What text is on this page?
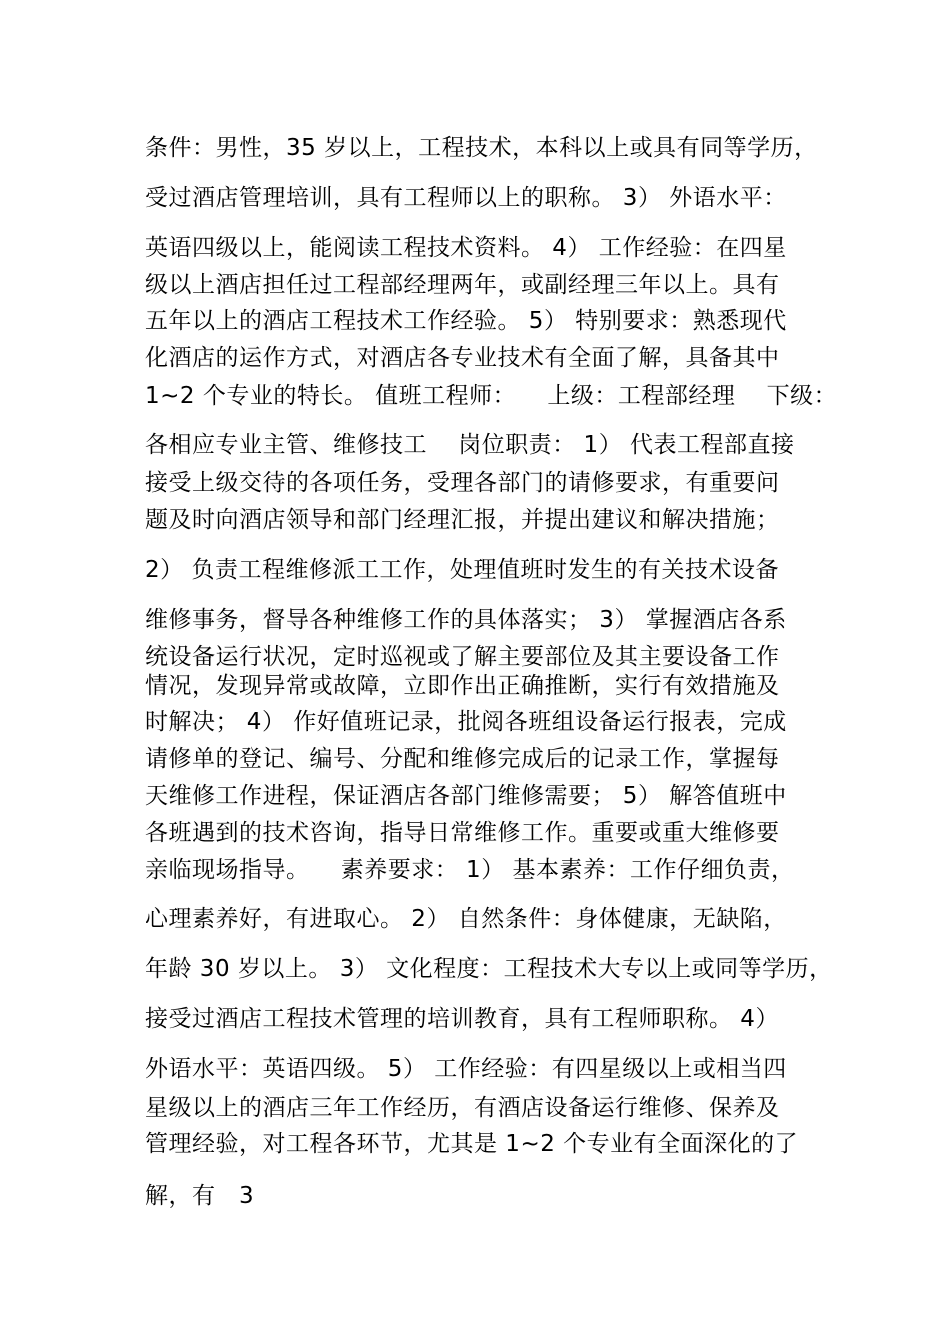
条件：男性，35 岁以上，工程技术，本科以上或具有同等学历，
受过酒店管理培训，具有工程师以上的职称。 3） 外语水平：
英语四级以上，能阅读工程技术资料。 4） 工作经验：在四星
级以上酒店担任过工程部经理两年，或副经理三年以上。具有
五年以上的酒店工程技术工作经验。 5） 特别要求：熟悉现代
化酒店的运作方式，对酒店各专业技术有全面了解，具备其中
1~2 个专业的特长。 值班工程师：    上级：工程部经理    下级：
各相应专业主管、维修技工    岗位职责： 1） 代表工程部直接
接受上级交待的各项任务，受理各部门的请修要求，有重要问
题及时向酒店领导和部门经理汇报，并提出建议和解决措施；
2） 负责工程维修派工工作，处理值班时发生的有关技术设备
维修事务，督导各种维修工作的具体落实； 3） 掌握酒店各系
统设备运行状况，定时巡视或了解主要部位及其主要设备工作
情况，发现异常或故障，立即作出正确推断，实行有效措施及
时解决； 4） 作好值班记录，批阅各班组设备运行报表，完成
请修单的登记、编号、分配和维修完成后的记录工作，掌握每
天维修工作进程，保证酒店各部门维修需要； 5） 解答值班中
各班遇到的技术咨询，指导日常维修工作。重要或重大维修要
亲临现场指导。    素养要求： 1） 基本素养：工作仔细负责，
心理素养好，有进取心。 2） 自然条件：身体健康，无缺陷，
年龄 30 岁以上。 3） 文化程度：工程技术大专以上或同等学历，
接受过酒店工程技术管理的培训教育，具有工程师职称。 4）
外语水平：英语四级。 5） 工作经验：有四星级以上或相当四
星级以上的酒店三年工作经历，有酒店设备运行维修、保养及
管理经验，对工程各环节，尤其是 1~2 个专业有全面深化的了
解，有 3
